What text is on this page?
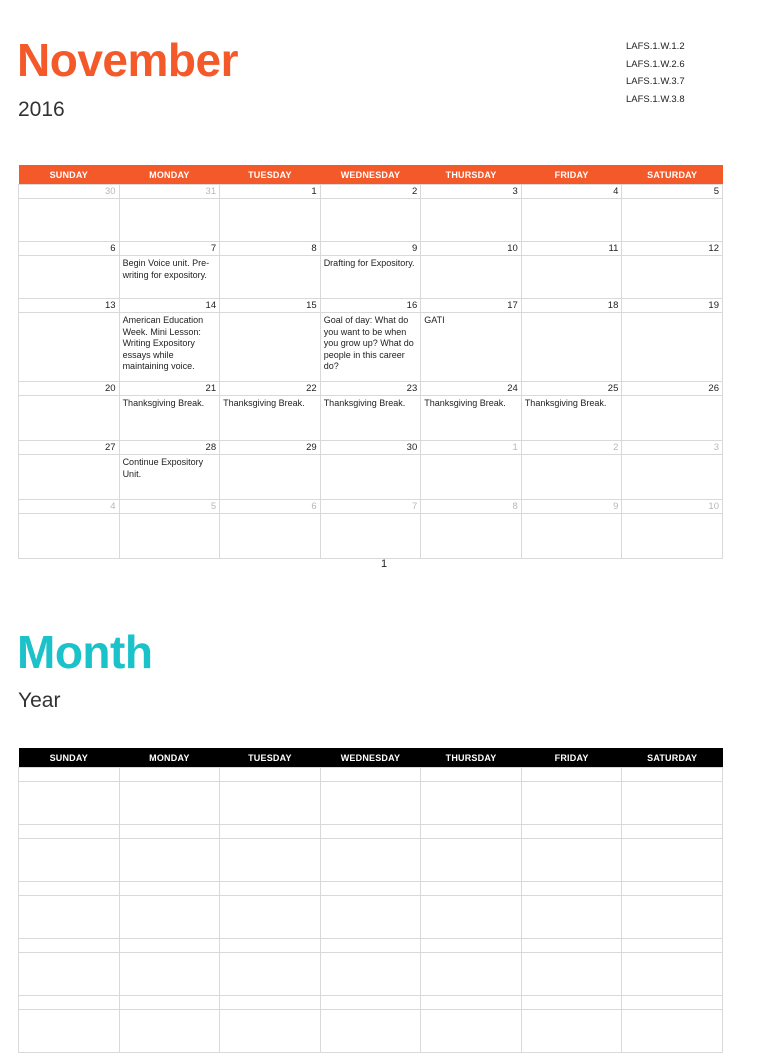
November
2016
LAFS.1.W.1.2
LAFS.1.W.2.6
LAFS.1.W.3.7
LAFS.1.W.3.8
SUNDAY	MONDAY	TUESDAY	WEDNESDAY	THURSDAY	FRIDAY	SATURDAY
30	31	1	2	3	4	5

6	7	8	9	10	11	12
	Begin Voice unit. Pre-writing for expository.		Drafting for Expository.			
13	14	15	16	17	18	19
	American Education Week. Mini Lesson: Writing Expository essays while maintaining voice.		Goal of day: What do you want to be when you grow up? What do people in this career do?	GATI		
20	21	22	23	24	25	26
	Thanksgiving Break.	Thanksgiving Break.	Thanksgiving Break.	Thanksgiving Break.	Thanksgiving Break.	
27	28	29	30	1	2	3
	Continue Expository Unit.					
4	5	6	7	8	9	10

1
Month
Year
SUNDAY	MONDAY	TUESDAY	WEDNESDAY	THURSDAY	FRIDAY	SATURDAY
